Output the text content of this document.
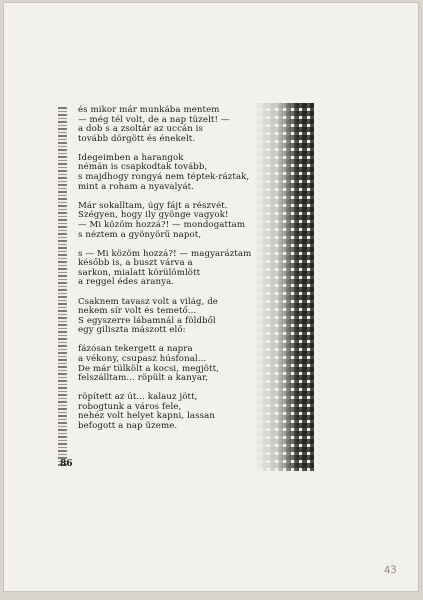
és mikor már munkába mentem
— még tél volt, de a nap tüzelt! —
a dob s a zsoltár az uccán is
tovább dörgött és énekelt.
Idegeimben a harangok
némán is csapkodtak tovább,
s majdhogy rongyá nem téptek-ráztak,
mint a roham a nyavalyát.
Már sokalltam, úgy fájt a részvét.
Szégyen, hogy ily gyönge vagyok!
— Mi közöm hozzá?! — mondogattam
s néztem a gyönyörű napot,
s — Mi közöm hozzá?! — magyaráztam
később is, a buszt várva a
sarkon, mialatt körülömlött
a reggel édes aranya.
Csaknem tavasz volt a világ, de
nekem sír volt és temető...
S egyszerre lábamnál a földből
egy giliszta mászott elő:
fázósan tekergett a napra
a vékony, csupasz húsfonal...
De már tülkölt a kocsi, megjött,
felszálltam... röpült a kanyar,
röpített az út... kalauz jött,
robogtunk a város fele,
nehéz volt helyet kapni, lassan
befogott a nap üzeme.
86
43
